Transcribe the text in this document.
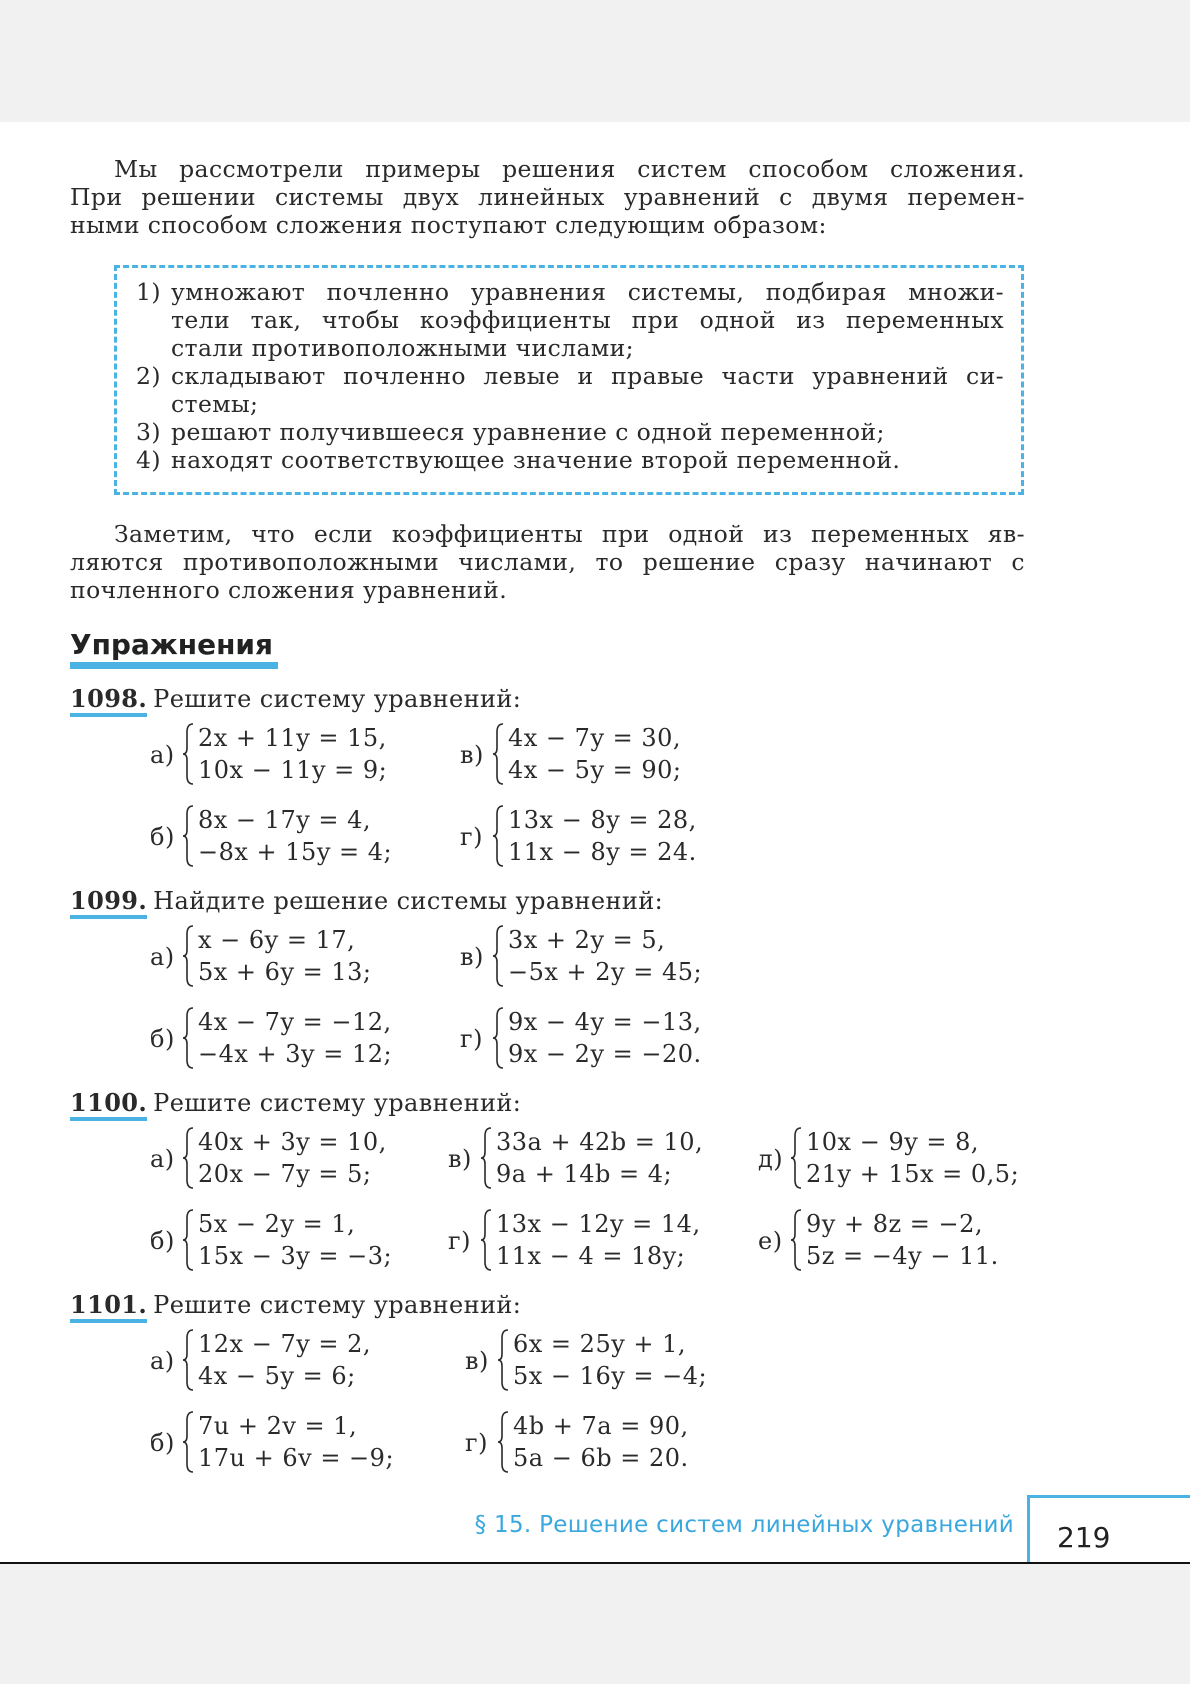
Мы рассмотрели примеры решения систем способом сложения.
При решении системы двух линейных уравнений с двумя перемен-
ными способом сложения поступают следующим образом:

1) умножают почленно уравнения системы, подбирая множи-
тели так, чтобы коэффициенты при одной из переменных
стали противоположными числами;
2) складывают почленно левые и правые части уравнений си-
стемы;
3) решают получившееся уравнение с одной переменной;
4) находят соответствующее значение второй переменной.

Заметим, что если коэффициенты при одной из переменных яв-
ляются противоположными числами, то решение сразу начинают с
почленного сложения уравнений.

Упражнения
1098. Решите систему уравнений:
а)
2x + 11y = 15,
10x − 11y = 9;
в)
4x − 7y = 30,
4x − 5y = 90;
б)
8x − 17y = 4,
−8x + 15y = 4;
г)
13x − 8y = 28,
11x − 8y = 24.
1099. Найдите решение системы уравнений:
а)
x − 6y = 17,
5x + 6y = 13;
в)
3x + 2y = 5,
−5x + 2y = 45;
б)
4x − 7y = −12,
−4x + 3y = 12;
г)
9x − 4y = −13,
9x − 2y = −20.
1100. Решите систему уравнений:
а)
40x + 3y = 10,
20x − 7y = 5;
в)
33a + 42b = 10,
9a + 14b = 4;
д)
10x − 9y = 8,
21y + 15x = 0,5;
б)
5x − 2y = 1,
15x − 3y = −3;
г)
13x − 12y = 14,
11x − 4 = 18y;
е)
9y + 8z = −2,
5z = −4y − 11.
1101. Решите систему уравнений:
а)
12x − 7y = 2,
4x − 5y = 6;
в)
6x = 25y + 1,
5x − 16y = −4;
б)
7u + 2v = 1,
17u + 6v = −9;
г)
4b + 7a = 90,
5a − 6b = 20.
§ 15. Решение систем линейных уравнений 219
